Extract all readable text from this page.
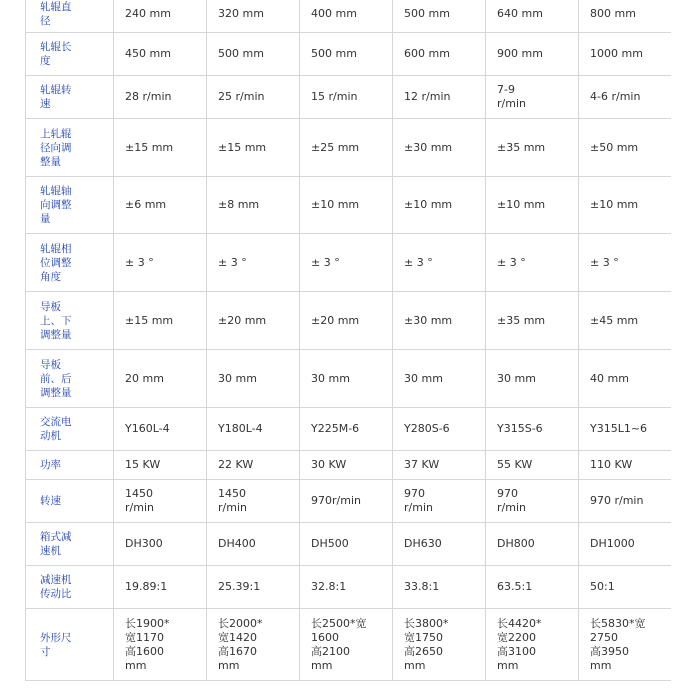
轧辊直
径	240 mm	320 mm	400 mm	500 mm	640 mm	800 mm
轧辊长
度	450 mm	500 mm	500 mm	600 mm	900 mm	1000 mm
轧辊转
速	28 r/min	25 r/min	15 r/min	12 r/min	7-9
r/min	4-6 r/min
上轧辊
径向调
整量	±15 mm	±15 mm	±25 mm	±30 mm	±35 mm	±50 mm
轧辊轴
向调整
量	±6 mm	±8 mm	±10 mm	±10 mm	±10 mm	±10 mm
轧辊相
位调整
角度	± 3 °	± 3 °	± 3 °	± 3 °	± 3 °	± 3 °
导板
上、下
调整量	±15 mm	±20 mm	±20 mm	±30 mm	±35 mm	±45 mm
导板
前、后
调整量	20 mm	30 mm	30 mm	30 mm	30 mm	40 mm
交流电
动机	Y160L-4	Y180L-4	Y225M-6	Y280S-6	Y315S-6	Y315L1~6
功率	15 KW	22 KW	30 KW	37 KW	55 KW	110 KW
转速	1450
r/min	1450
r/min	970r/min	970
r/min	970
r/min	970 r/min
箱式减
速机	DH300	DH400	DH500	DH630	DH800	DH1000
减速机
传动比	19.89:1	25.39:1	32.8:1	33.8:1	63.5:1	50:1
外形尺
寸	长1900*
宽1170
高1600
mm	长2000*
宽1420
高1670
mm	长2500*宽
1600
高2100
mm	长3800*
宽1750
高2650
mm	长4420*
宽2200
高3100
mm	长5830*宽
2750
高3950
mm
